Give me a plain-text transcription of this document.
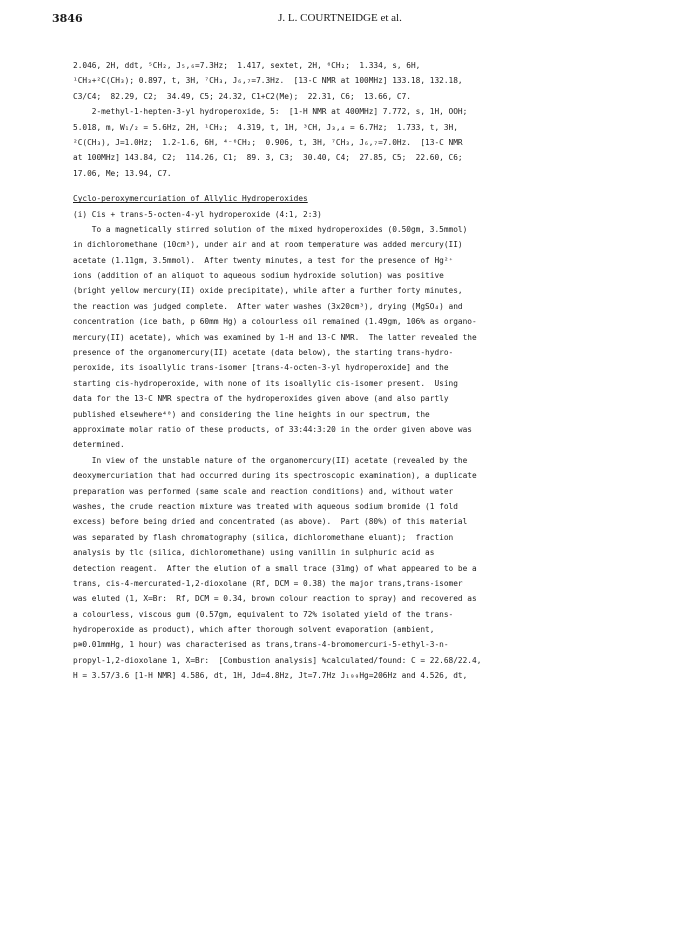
3846	J. L. COURTNEIDGE et al.
2.046, 2H, ddt, ⁵CH₂, J₅,₆=7.3Hz;  1.417, sextet, 2H, ⁶CH₂;  1.334, s, 6H,
¹CH₃+²C(CH₃); 0.897, t, 3H, ⁷CH₃, J₆,₇=7.3Hz.  [13-C NMR at 100MHz] 133.18, 132.18,
C3/C4;  82.29, C2;  34.49, C5; 24.32, C1+C2(Me);  22.31, C6;  13.66, C7.
2-methyl-1-hepten-3-yl hydroperoxide, 5:  [1-H NMR at 400MHz] 7.772, s, 1H, OOH;
5.018, m, W₁/₂ = 5.6Hz, 2H, ¹CH₂;  4.319, t, 1H, ³CH, J₃,₄ = 6.7Hz;  1.733, t, 3H,
²C(CH₃), J=1.0Hz;  1.2-1.6, 6H, ⁴⁻⁶CH₂;  0.906, t, 3H, ⁷CH₃, J₆,₇=7.0Hz.  [13-C NMR
at 100MHz] 143.84, C2;  114.26, C1;  89. 3, C3;  30.40, C4;  27.85, C5;  22.60, C6;
17.06, Me; 13.94, C7.
Cyclo-peroxymercuriation of Allylic Hydroperoxides
(i) Cis + trans-5-octen-4-yl hydroperoxide (4:1, 2:3)
To a magnetically stirred solution of the mixed hydroperoxides (0.50gm, 3.5mmol)
in dichloromethane (10cm³), under air and at room temperature was added mercury(II)
acetate (1.11gm, 3.5mmol).  After twenty minutes, a test for the presence of Hg²⁺
ions (addition of an aliquot to aqueous sodium hydroxide solution) was positive
(bright yellow mercury(II) oxide precipitate), while after a further forty minutes,
the reaction was judged complete.  After water washes (3x20cm³), drying (MgSO₄) and
concentration (ice bath, p 60mm Hg) a colourless oil remained (1.49gm, 106% as organo-
mercury(II) acetate), which was examined by 1-H and 13-C NMR.  The latter revealed the
presence of the organomercury(II) acetate (data below), the starting trans-hydro-
peroxide, its isoallylic trans-isomer [trans-4-octen-3-yl hydroperoxide] and the
starting cis-hydroperoxide, with none of its isoallylic cis-isomer present.  Using
data for the 13-C NMR spectra of the hydroperoxides given above (and also partly
published elsewhere⁴⁰) and considering the line heights in our spectrum, the
approximate molar ratio of these products, of 33:44:3:20 in the order given above was
determined.
In view of the unstable nature of the organomercury(II) acetate (revealed by the
deoxymercuriation that had occurred during its spectroscopic examination), a duplicate
preparation was performed (same scale and reaction conditions) and, without water
washes, the crude reaction mixture was treated with aqueous sodium bromide (1 fold
excess) before being dried and concentrated (as above).  Part (80%) of this material
was separated by flash chromatography (silica, dichloromethane eluant);  fraction
analysis by tlc (silica, dichloromethane) using vanillin in sulphuric acid as
detection reagent.  After the elution of a small trace (31mg) of what appeared to be a
trans, cis-4-mercurated-1,2-dioxolane (Rf, DCM = 0.38) the major trans,trans-isomer
was eluted (1, X=Br:  Rf, DCM = 0.34, brown colour reaction to spray) and recovered as
a colourless, viscous gum (0.57gm, equivalent to 72% isolated yield of the trans-
hydroperoxide as product), which after thorough solvent evaporation (ambient,
p≅0.01mmHg, 1 hour) was characterised as trans,trans-4-bromomercuri-5-ethyl-3-n-
propyl-1,2-dioxolane 1, X=Br:  [Combustion analysis] %calculated/found: C = 22.68/22.4,
H = 3.57/3.6 [1-H NMR] 4.586, dt, 1H, Jd=4.8Hz, Jt=7.7Hz J₁₉₉Hg=206Hz and 4.526, dt,
